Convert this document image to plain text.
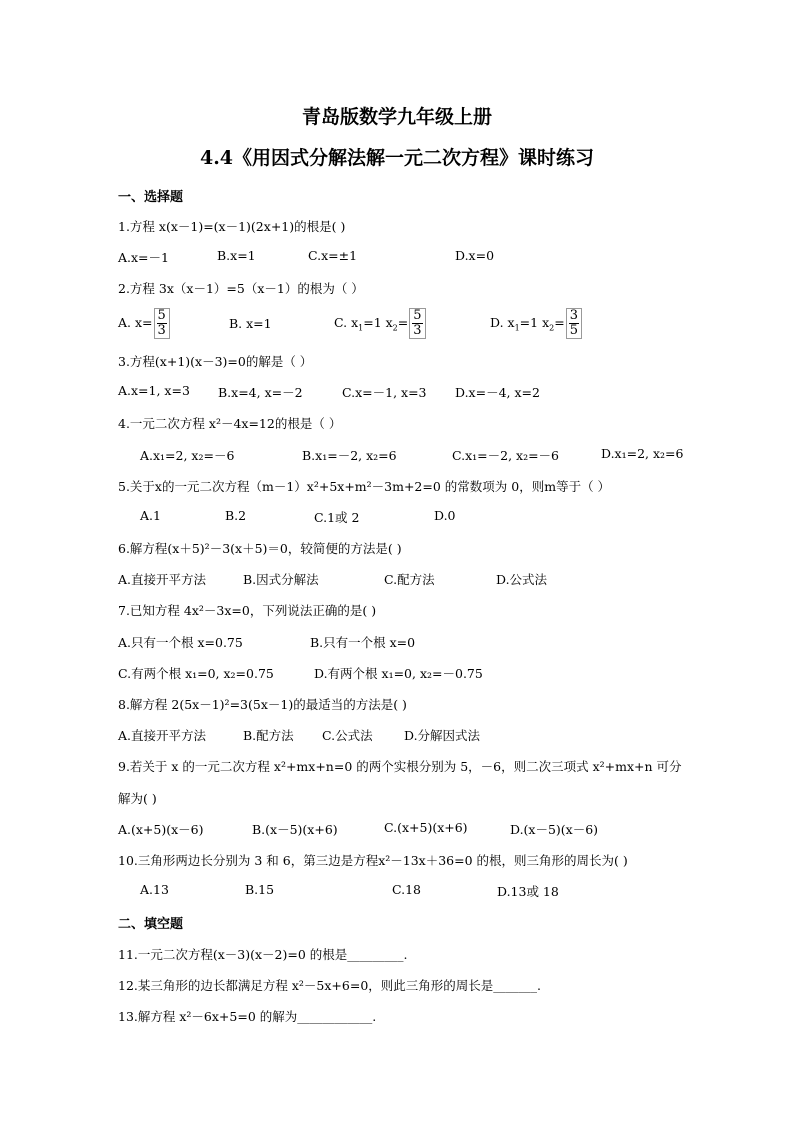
青岛版数学九年级上册
4.4《用因式分解法解一元二次方程》课时练习
一、选择题
1.方程 x(x－1)=(x－1)(2x+1)的根是( )
A.x=－1	B.x=1	C.x=±1	D.x=0
2.方程 3x（x－1）=5（x－1）的根为（ ）
A. $x= \frac{5}{3}$	B. x=1	C. $x_1=1$ $x_2= \frac{5}{3}$	D. $x_1=1$ $x_2= \frac{3}{5}$
3.方程(x+1)(x－3)=0的解是（ ）
A.x=1, x=3 B.x=4, x=－2	C.x=－1, x=3 D.x=－4, x=2
4.一元二次方程 x²－4x=12的根是（ ）
A.x₁=2, x₂=－6	B.x₁=－2, x₂=6	C.x₁=－2, x₂=－6	D.x₁=2, x₂=6
5.关于x的一元二次方程（m－1）x²+5x+m²－3m+2=0 的常数项为 0，则m等于（ ）
A.1	B.2	C.1或 2	D.0
6.解方程(x＋5)²－3(x＋5)＝0，较简便的方法是( )
A.直接开平方法	B.因式分解法	C.配方法	D.公式法
7.已知方程 4x²－3x=0，下列说法正确的是( )
A.只有一个根 x=0.75	B.只有一个根 x=0
C.有两个根 x₁=0, x₂=0.75	D.有两个根 x₁=0, x₂=－0.75
8.解方程 2(5x－1)²=3(5x－1)的最适当的方法是( )
A.直接开平方法	B.配方法 C.公式法	D.分解因式法
9.若关于 x 的一元二次方程 x²+mx+n=0 的两个实根分别为 5，－6，则二次三项式 x²+mx+n 可分
解为( )
A.(x+5)(x－6)	B.(x－5)(x+6)	C.(x+5)(x+6)	D.(x－5)(x－6)
10.三角形两边长分别为 3 和 6，第三边是方程x²－13x＋36=0 的根，则三角形的周长为( )
A.13	B.15	C.18	D.13或 18
二、填空题
11.一元二次方程(x－3)(x－2)=0 的根是_________.
12.某三角形的边长都满足方程 x²－5x+6=0，则此三角形的周长是_______.
13.解方程 x²－6x+5=0 的解为____________.
